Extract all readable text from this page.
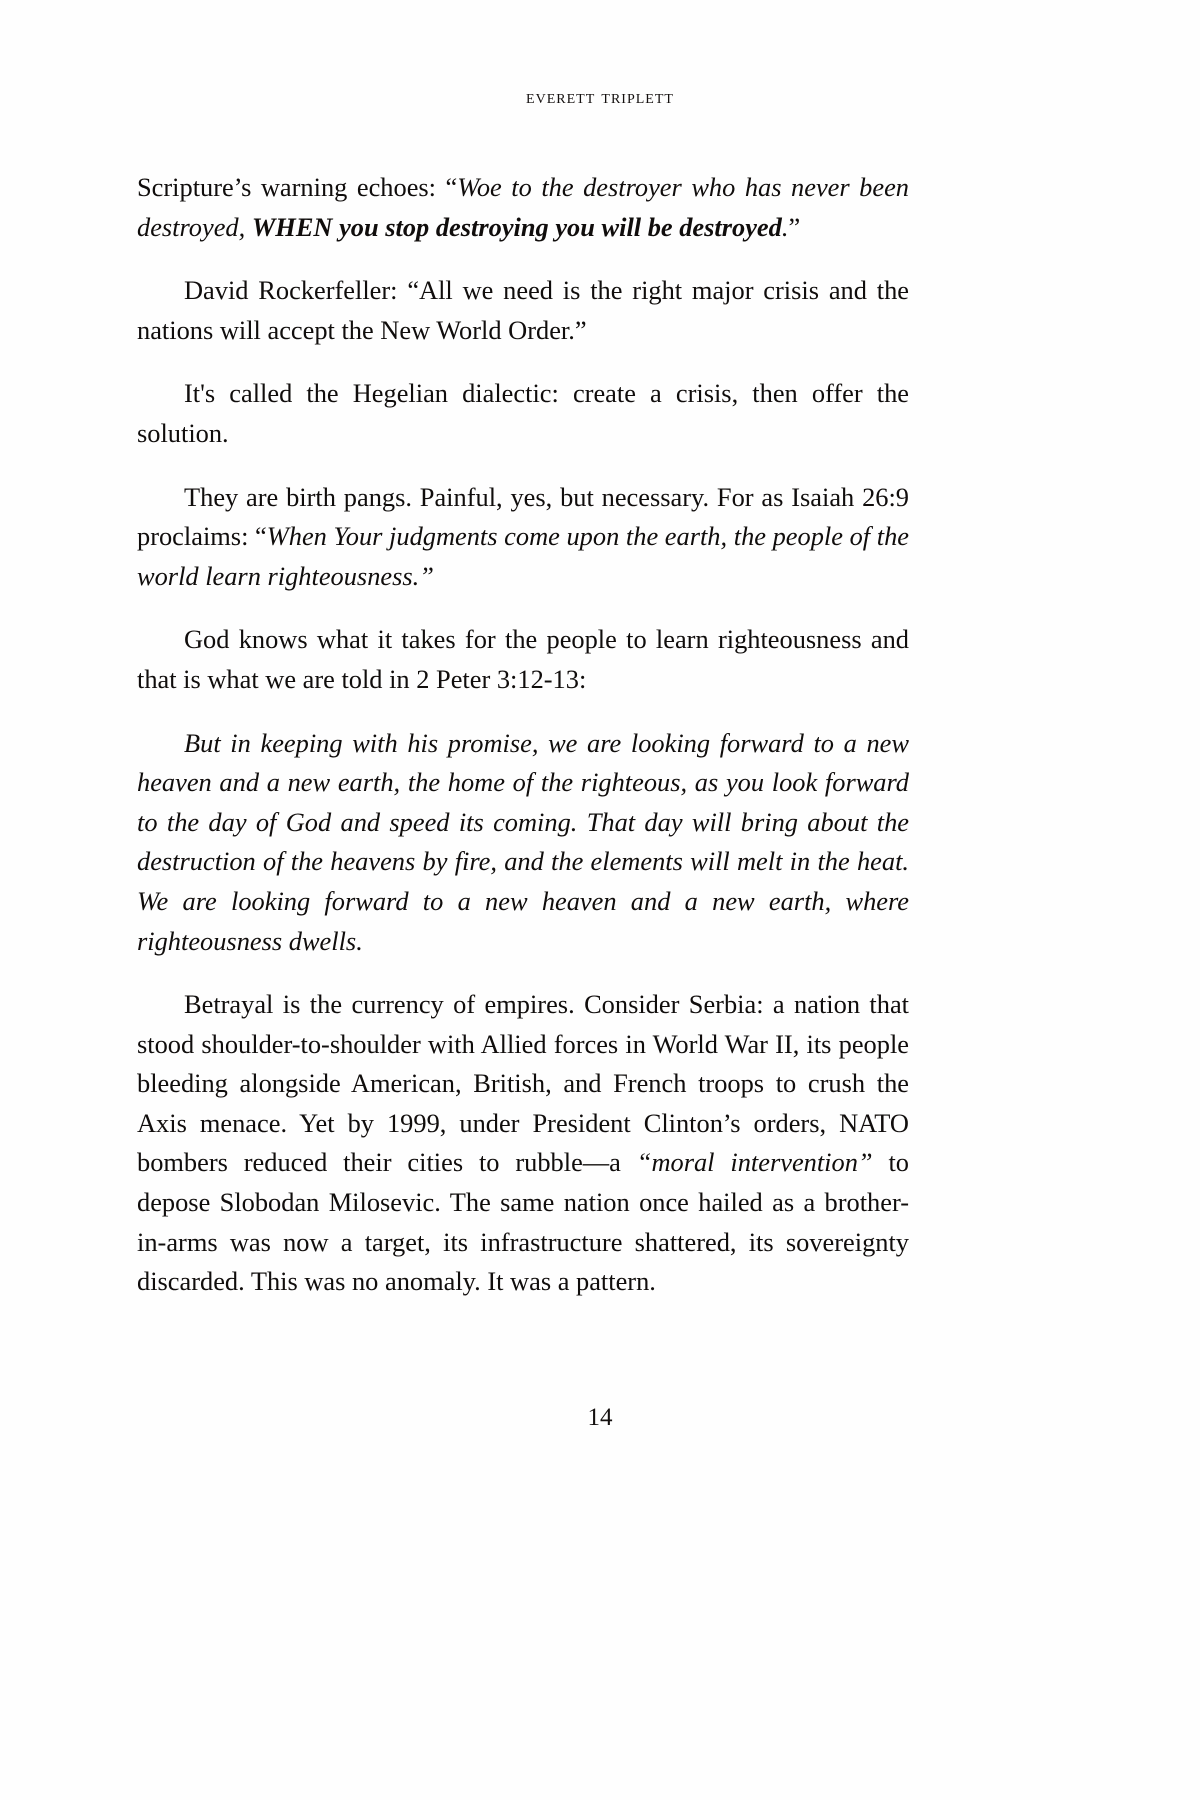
everett triplett

Scripture’s warning echoes: “Woe to the destroyer who has never been destroyed, WHEN you stop destroying you will be destroyed.”

David Rockerfeller: “All we need is the right major crisis and the nations will accept the New World Order.”

It's called the Hegelian dialectic: create a crisis, then offer the solution.

They are birth pangs. Painful, yes, but necessary. For as Isaiah 26:9 proclaims: “When Your judgments come upon the earth, the people of the world learn righteousness.”

God knows what it takes for the people to learn righteousness and that is what we are told in 2 Peter 3:12-13:

But in keeping with his promise, we are looking forward to a new heaven and a new earth, the home of the righteous, as you look forward to the day of God and speed its coming. That day will bring about the destruction of the heavens by fire, and the elements will melt in the heat. We are looking forward to a new heaven and a new earth, where righteousness dwells.

Betrayal is the currency of empires. Consider Serbia: a nation that stood shoulder-to-shoulder with Allied forces in World War II, its people bleeding alongside American, British, and French troops to crush the Axis menace. Yet by 1999, under President Clinton’s orders, NATO bombers reduced their cities to rubble—a “moral intervention” to depose Slobodan Milosevic. The same nation once hailed as a brother-in-arms was now a target, its infrastructure shattered, its sovereignty discarded. This was no anomaly. It was a pattern.

14
